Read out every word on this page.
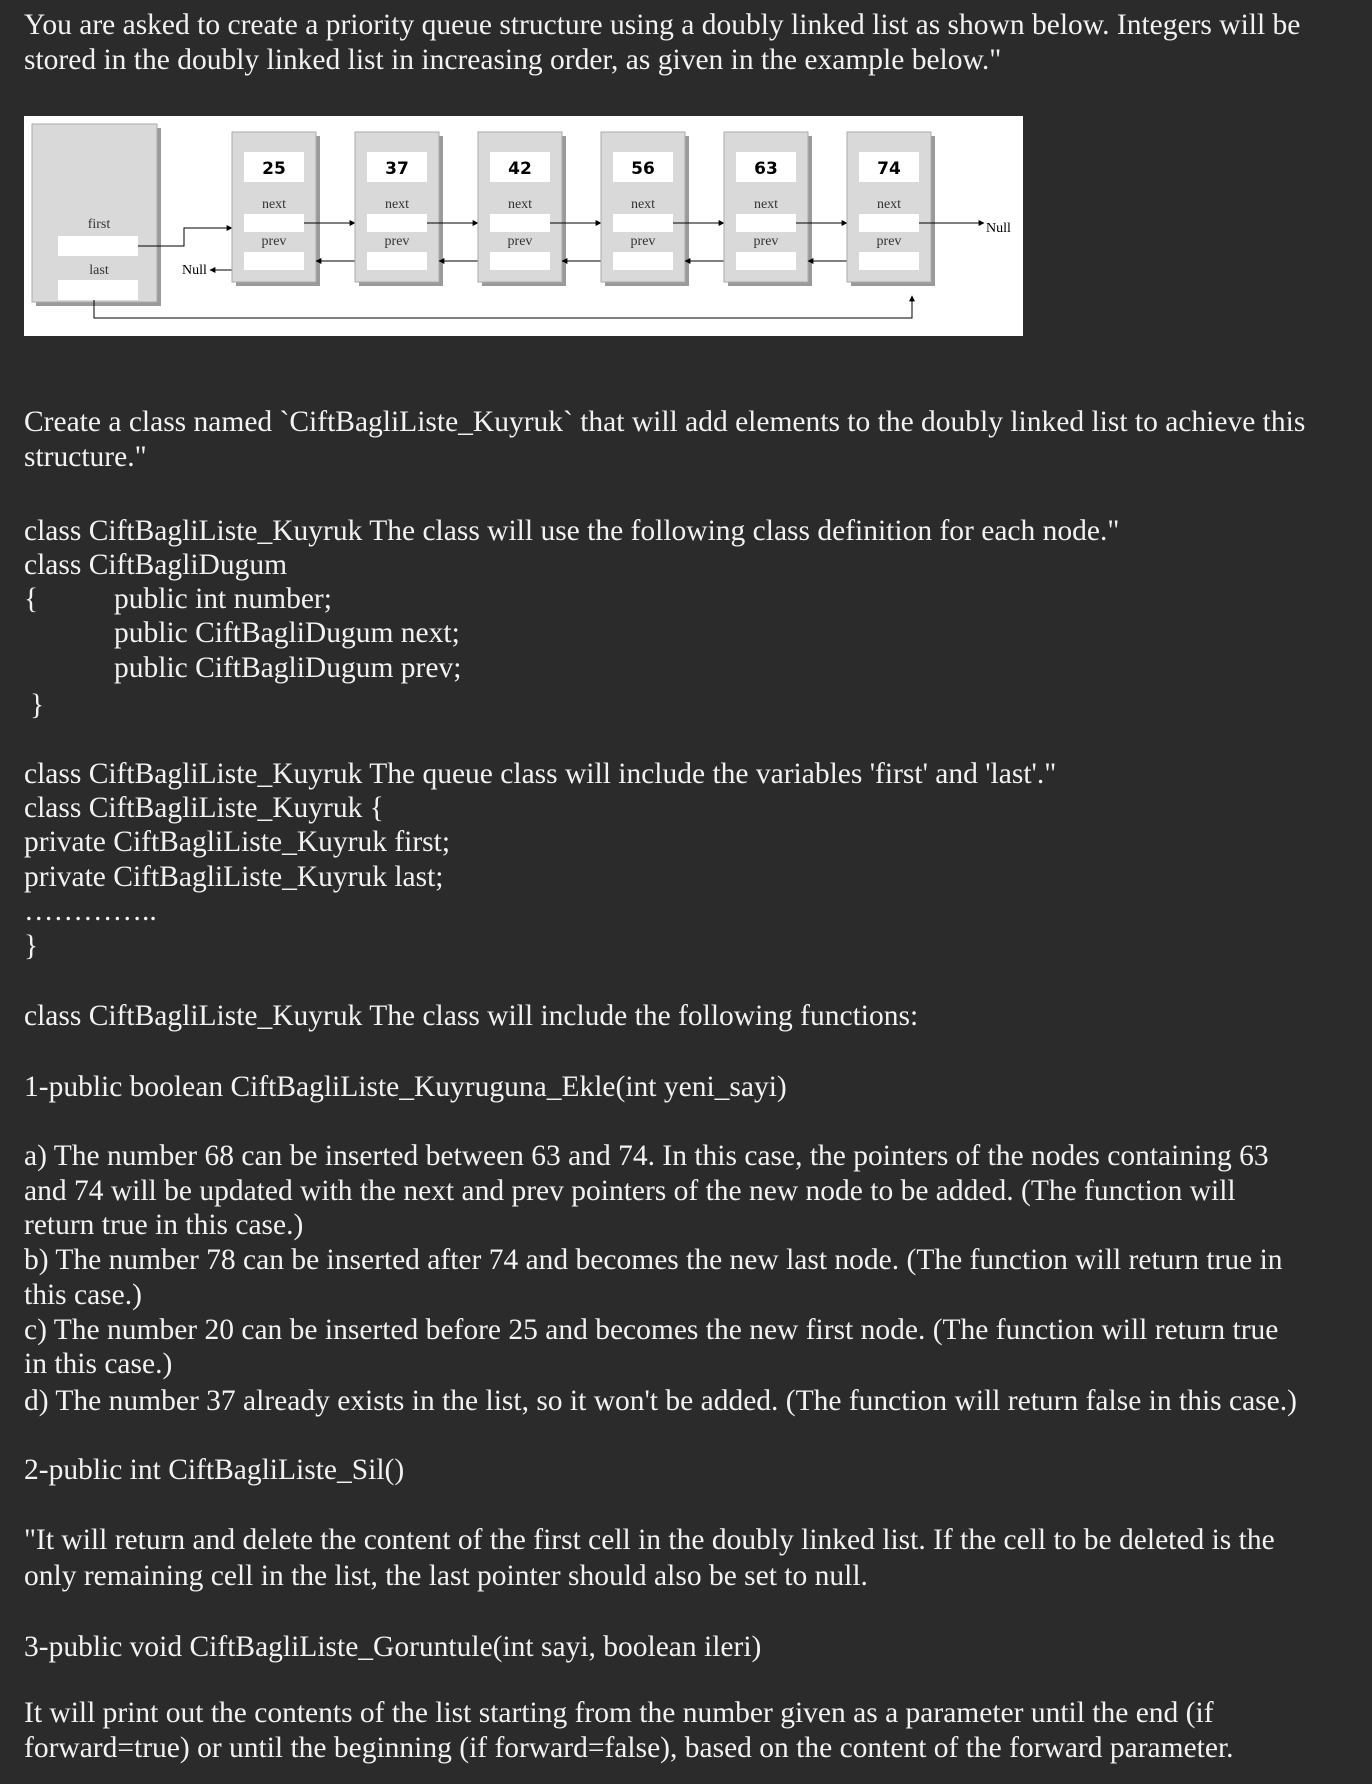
You are asked to create a priority queue structure using a doubly linked list as shown below. Integers will be

stored in the doubly linked list in increasing order, as given in the example below."

first
last	Null
Null
25
next
prev
37
next
prev
42
next
prev
56
next
prev
63
next
prev
74
next
prev

Create a class named `CiftBagliListe_Kuyruk` that will add elements to the doubly linked list to achieve this

structure."

class CiftBagliListe_Kuyruk The class will use the following class definition for each node."

class CiftBagliDugum

{	public int number;

public CiftBagliDugum next;

public CiftBagliDugum prev;

}

class CiftBagliListe_Kuyruk The queue class will include the variables 'first' and 'last'."

class CiftBagliListe_Kuyruk {

private CiftBagliListe_Kuyruk first;

private CiftBagliListe_Kuyruk last;

…………..

}

class CiftBagliListe_Kuyruk The class will include the following functions:

1-public boolean CiftBagliListe_Kuyruguna_Ekle(int yeni_sayi)

a) The number 68 can be inserted between 63 and 74. In this case, the pointers of the nodes containing 63

and 74 will be updated with the next and prev pointers of the new node to be added. (The function will

return true in this case.)

b) The number 78 can be inserted after 74 and becomes the new last node. (The function will return true in

this case.)

c) The number 20 can be inserted before 25 and becomes the new first node. (The function will return true

in this case.)

d) The number 37 already exists in the list, so it won't be added. (The function will return false in this case.)

2-public int CiftBagliListe_Sil()

"It will return and delete the content of the first cell in the doubly linked list. If the cell to be deleted is the

only remaining cell in the list, the last pointer should also be set to null.

3-public void CiftBagliListe_Goruntule(int sayi, boolean ileri)

It will print out the contents of the list starting from the number given as a parameter until the end (if

forward=true) or until the beginning (if forward=false), based on the content of the forward parameter.
